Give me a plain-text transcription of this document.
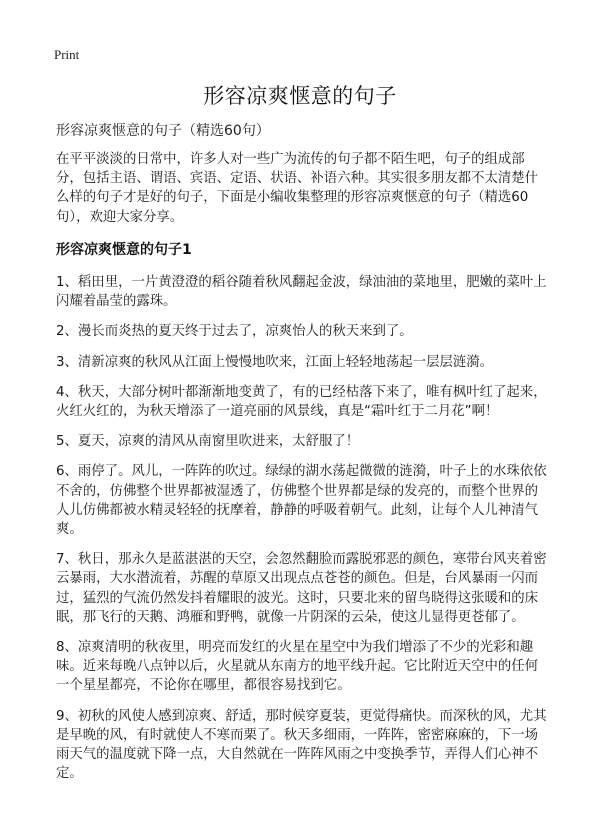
Print
形容凉爽惬意的句子
形容凉爽惬意的句子（精选60句）

在平平淡淡的日常中，许多人对一些广为流传的句子都不陌生吧，句子的组成部分，包括主语、谓语、宾语、定语、状语、补语六种。其实很多朋友都不太清楚什么样的句子才是好的句子，下面是小编收集整理的形容凉爽惬意的句子（精选60句），欢迎大家分享。

形容凉爽惬意的句子1

1、稻田里，一片黄澄澄的稻谷随着秋风翻起金波，绿油油的菜地里，肥嫩的菜叶上闪耀着晶莹的露珠。

2、漫长而炎热的夏天终于过去了，凉爽怡人的秋天来到了。

3、清新凉爽的秋风从江面上慢慢地吹来，江面上轻轻地荡起一层层涟漪。

4、秋天，大部分树叶都渐渐地变黄了，有的已经枯落下来了，唯有枫叶红了起来，火红火红的，为秋天增添了一道亮丽的风景线，真是“霜叶红于二月花”啊！

5、夏天，凉爽的清风从南窗里吹进来，太舒服了！

6、雨停了。风儿，一阵阵的吹过。绿绿的湖水荡起微微的涟漪，叶子上的水珠依依不舍的，仿佛整个世界都被湿透了，仿佛整个世界都是绿的发亮的，而整个世界的人儿仿佛都被水精灵轻轻的抚摩着，静静的呼吸着朝气。此刻，让每个人儿神清气爽。

7、秋日，那永久是蓝湛湛的天空，会忽然翻脸而露脱邪恶的颜色，寒带台风夹着密云暴雨，大水潜流着，苏醒的草原又出现点点苍苍的颜色。但是，台风暴雨一闪而过，猛烈的气流仍然发抖着耀眼的波光。这时，只要北来的留鸟晓得这张暖和的床眠，那飞行的天鹅、鸿雁和野鸭，就像一片阴深的云朵，使这儿显得更苍郁了。

8、凉爽清明的秋夜里，明亮而发红的火星在星空中为我们增添了不少的光彩和趣味。近来每晚八点钟以后，火星就从东南方的地平线升起。它比附近天空中的任何一个星星都亮，不论你在哪里，都很容易找到它。

9、初秋的风使人感到凉爽、舒适，那时候穿夏装，更觉得痛快。而深秋的风，尤其是早晚的风，有时就使人不寒而栗了。秋天多细雨，一阵阵，密密麻麻的，下一场雨天气的温度就下降一点，大自然就在一阵阵风雨之中变换季节，弄得人们心神不定。
